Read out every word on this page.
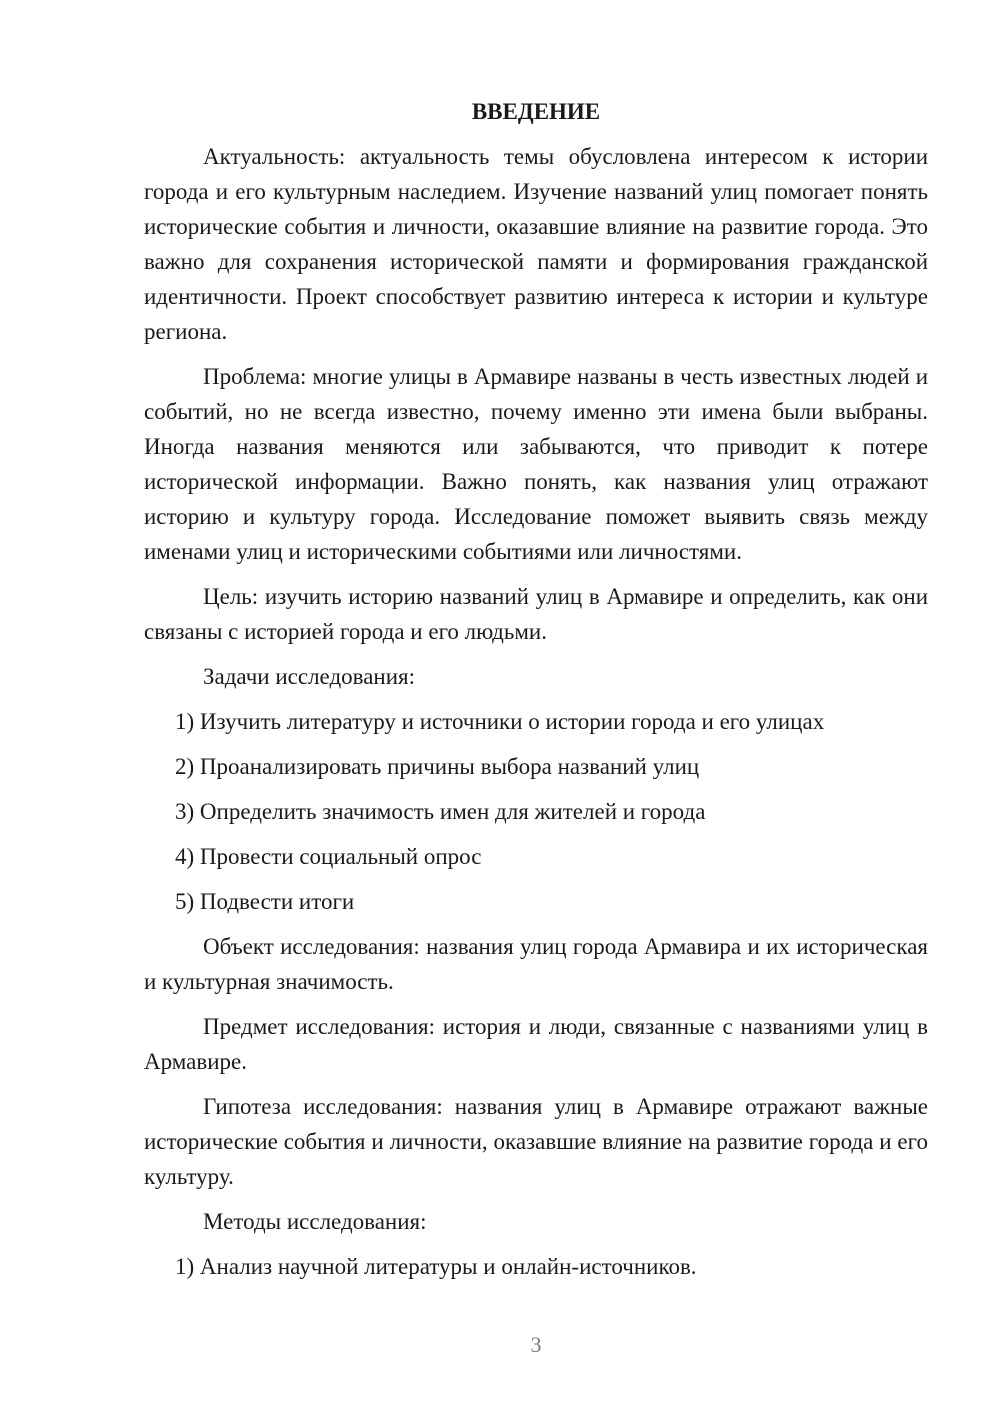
ВВЕДЕНИЕ

Актуальность: актуальность темы обусловлена интересом к истории города и его культурным наследием. Изучение названий улиц помогает понять исторические события и личности, оказавшие влияние на развитие города. Это важно для сохранения исторической памяти и формирования гражданской идентичности. Проект способствует развитию интереса к истории и культуре региона.

Проблема: многие улицы в Армавире названы в честь известных людей и событий, но не всегда известно, почему именно эти имена были выбраны. Иногда названия меняются или забываются, что приводит к потере исторической информации. Важно понять, как названия улиц отражают историю и культуру города. Исследование поможет выявить связь между именами улиц и историческими событиями или личностями.

Цель: изучить историю названий улиц в Армавире и определить, как они связаны с историей города и его людьми.

Задачи исследования:

1) Изучить литературу и источники о истории города и его улицах
2) Проанализировать причины выбора названий улиц
3) Определить значимость имен для жителей и города
4) Провести социальный опрос
5) Подвести итоги

Объект исследования: названия улиц города Армавира и их историческая и культурная значимость.

Предмет исследования: история и люди, связанные с названиями улиц в Армавире.

Гипотеза исследования: названия улиц в Армавире отражают важные исторические события и личности, оказавшие влияние на развитие города и его культуру.

Методы исследования:

1) Анализ научной литературы и онлайн-источников.
3
